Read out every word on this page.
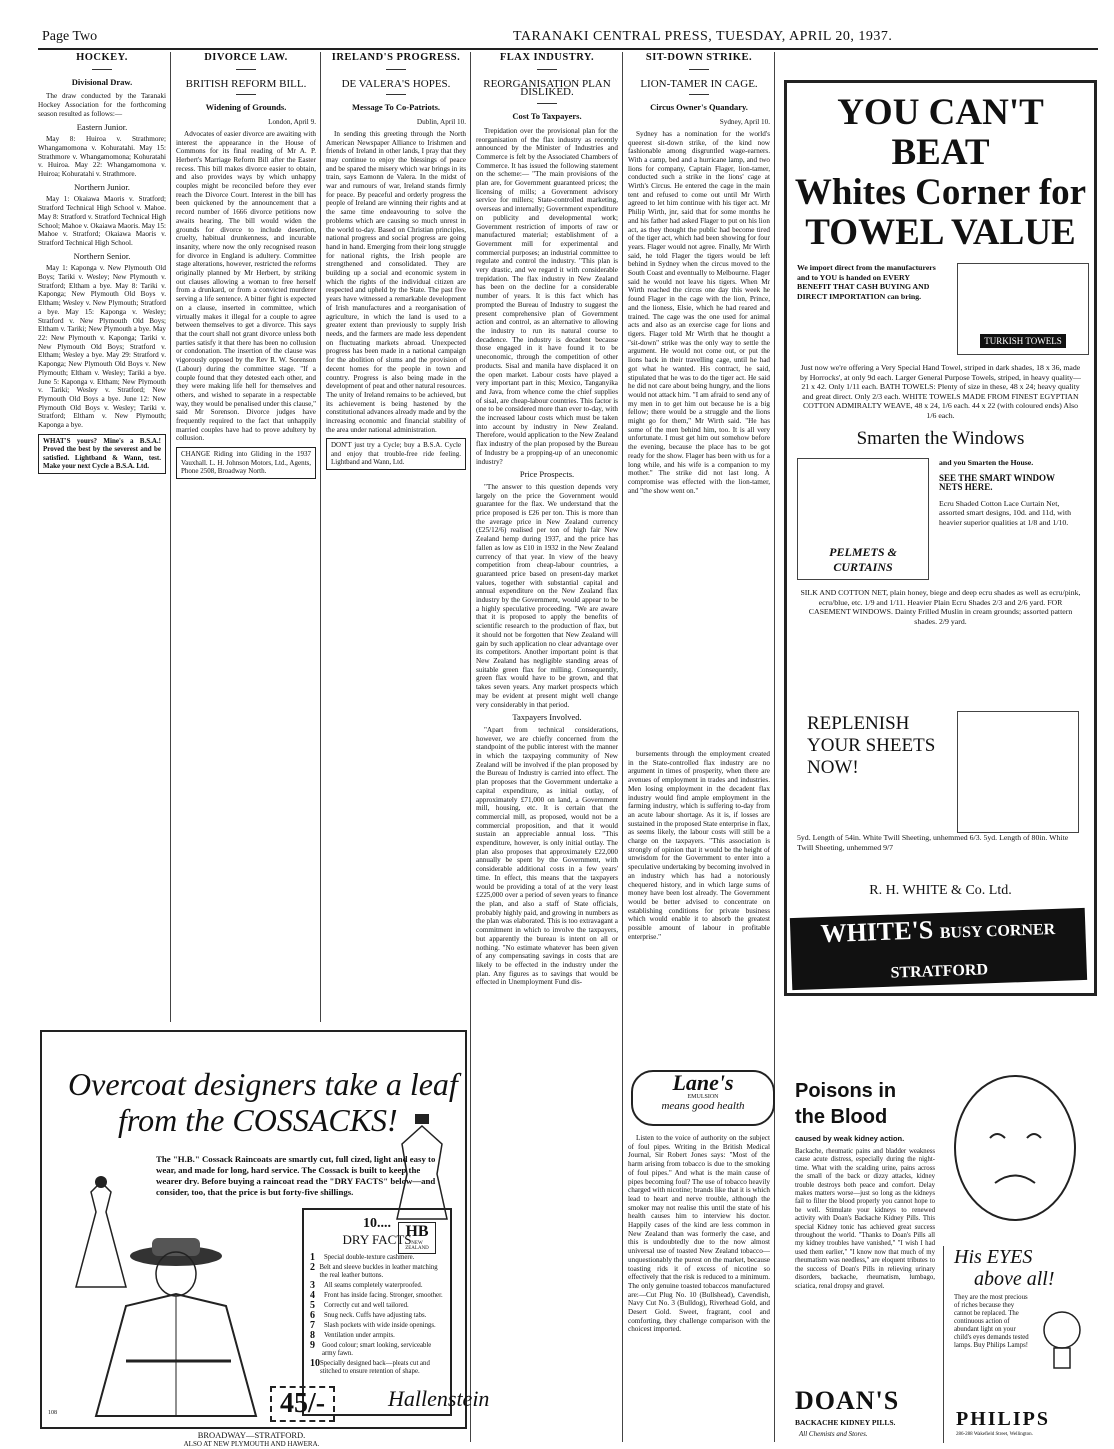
Page Two	TARANAKI CENTRAL PRESS, TUESDAY, APRIL 20, 1937.
HOCKEY.
Divisional Draw.

The draw conducted by the Taranaki Hockey Association for the forthcoming season resulted as follows:—

Eastern Junior.

May 8: Huiroa v. Strathmore; Whangamomona v. Kohuratahi. May 15: Strathmore v. Whangamomona; Kohuratahi v. Huiroa. May 22: Whangamomona v. Huiroa; Kohuratahi v. Strathmore.

Northern Junior.

May 1: Okaiawa Maoris v. Stratford; Stratford Technical High School v. Mahoe. May 8: Stratford v. Stratford Technical High School; Mahoe v. Okaiawa Maoris. May 15: Mahoe v. Stratford; Okaiawa Maoris v. Stratford Technical High School.

Northern Senior.

May 1: Kaponga v. New Plymouth Old Boys; Tariki v. Wesley; New Plymouth v. Stratford; Eltham a bye. May 8: Tariki v. Kaponga; New Plymouth Old Boys v. Eltham; Wesley v. New Plymouth; Stratford a bye. May 15: Kaponga v. Wesley; Stratford v. New Plymouth Old Boys; Eltham v. Tariki; New Plymouth a bye. May 22: New Plymouth v. Kaponga; Tariki v. New Plymouth Old Boys; Stratford v. Eltham; Wesley a bye. May 29: Stratford v. Kaponga; New Plymouth Old Boys v. New Plymouth; Eltham v. Wesley; Tariki a bye. June 5: Kaponga v. Eltham; New Plymouth v. Tariki; Wesley v. Stratford; New Plymouth Old Boys a bye. June 12: New Plymouth Old Boys v. Wesley; Tariki v. Stratford; Eltham v. New Plymouth; Kaponga a bye.

WHAT'S yours? Mine's a B.S.A.! Proved the best by the severest and be satisfied. Lightband & Wann, test. Make your next Cycle a B.S.A. Ltd.
DIVORCE LAW.
BRITISH REFORM BILL.
Widening of Grounds.

London, April 9.

Advocates of easier divorce are awaiting with interest the appearance in the House of Commons for its final reading of Mr A. P. Herbert's Marriage Reform Bill after the Easter recess. This bill makes divorce easier to obtain, and also provides ways by which unhappy couples might be reconciled before they ever reach the Divorce Court. Interest in the bill has been quickened by the announcement that a record number of 1666 divorce petitions now awaits hearing. The bill would widen the grounds for divorce to include desertion, cruelty, habitual drunkenness, and incurable insanity, where now the only recognised reason for divorce in England is adultery. Committee stage alterations, however, restricted the reforms originally planned by Mr Herbert, by striking out clauses allowing a woman to free herself from a drunkard, or from a convicted murderer serving a life sentence. A bitter fight is expected on a clause, inserted in committee, which virtually makes it illegal for a couple to agree between themselves to get a divorce. This says that the court shall not grant divorce unless both parties satisfy it that there has been no collusion or condonation. The insertion of the clause was vigorously opposed by the Rev R. W. Sorenson (Labour) during the committee stage. "If a couple found that they detested each other, and they were making life hell for themselves and others, and wished to separate in a respectable way, they would be penalised under this clause," said Mr Sorenson. Divorce judges have frequently required to the fact that unhappily married couples have had to prove adultery by collusion.

CHANGE Riding into Gliding in the 1937 Vauxhall. L. H. Johnson Motors, Ltd., Agents, Phone 2508, Broadway North.
IRELAND'S PROGRESS.
DE VALERA'S HOPES.
Message To Co-Patriots.

Dublin, April 10.

In sending this greeting through the North American Newspaper Alliance to Irishmen and friends of Ireland in other lands, I pray that they may continue to enjoy the blessings of peace and be spared the misery which war brings in its train, says Eamonn de Valera. In the midst of war and rumours of war, Ireland stands firmly for peace. By peaceful and orderly progress the people of Ireland are winning their rights and at the same time endeavouring to solve the problems which are causing so much unrest in the world to-day. Based on Christian principles, national progress and social progress are going hand in hand. Emerging from their long struggle for national rights, the Irish people are strengthened and consolidated. They are building up a social and economic system in which the rights of the individual citizen are respected and upheld by the State. The past five years have witnessed a remarkable development of Irish manufactures and a reorganisation of agriculture, in which the land is used to a greater extent than previously to supply Irish needs, and the farmers are made less dependent on fluctuating markets abroad. Unexpected progress has been made in a national campaign for the abolition of slums and the provision of decent homes for the people in town and country. Progress is also being made in the development of peat and other natural resources. The unity of Ireland remains to be achieved, but its achievement is being hastened by the constitutional advances already made and by the increasing economic and financial stability of the area under national administration.

DON'T just try a Cycle; buy a B.S.A. Cycle and enjoy that trouble-free ride feeling. Lightband and Wann, Ltd.
FLAX INDUSTRY.
REORGANISATION PLAN DISLIKED.
Cost To Taxpayers.

Trepidation over the provisional plan for the reorganisation of the flax industry as recently announced by the Minister of Industries and Commerce is felt by the Associated Chambers of Commerce. It has issued the following statement on the scheme:— "The main provisions of the plan are, for Government guaranteed prices; the licensing of mills; a Government advisory service for millers; State-controlled marketing, overseas and internally; Government expenditure on publicity and developmental work; Government restriction of imports of raw or manufactured material; establishment of a Government mill for experimental and commercial purposes; an industrial committee to regulate and control the industry. "This plan is very drastic, and we regard it with considerable trepidation. The flax industry in New Zealand has been on the decline for a considerable number of years. It is this fact which has prompted the Bureau of Industry to suggest the present comprehensive plan of Government action and control, as an alternative to allowing the industry to run its natural course to decadence. The industry is decadent because those engaged in it have found it to be uneconomic, through the competition of other products. Sisal and manila have displaced it on the open market. Labour costs have played a very important part in this; Mexico, Tanganyika and Java, from whence come the chief supplies of sisal, are cheap-labour countries. This factor is one to be considered more than ever to-day, with the increased labour costs which must be taken into account by industry in New Zealand. Therefore, would application to the New Zealand flax industry of the plan proposed by the Bureau of Industry be a propping-up of an uneconomic industry?

Price Prospects.

"The answer to this question depends very largely on the price the Government would guarantee for the flax. We understand that the price proposed is £26 per ton. This is more than the average price in New Zealand currency (£25/12/6) realised per ton of high fair New Zealand hemp during 1937, and the price has fallen as low as £10 in 1932 in the New Zealand currency of that year. In view of the heavy competition from cheap-labour countries, a guaranteed price based on present-day market values, together with substantial capital and annual expenditure on the New Zealand flax industry by the Government, would appear to be a highly speculative proceeding. "We are aware that it is proposed to apply the benefits of scientific research to the production of flax, but it should not be forgotten that New Zealand will gain by such application no clear advantage over its competitors. Another important point is that New Zealand has negligible standing areas of suitable green flax for milling. Consequently, green flax would have to be grown, and that takes seven years. Any market prospects which may be evident at present might well change very considerably in that period.

Taxpayers Involved.

"Apart from technical considerations, however, we are chiefly concerned from the standpoint of the public interest with the manner in which the taxpaying community of New Zealand will be involved if the plan proposed by the Bureau of Industry is carried into effect. The plan proposes that the Government undertake a capital expenditure, as initial outlay, of approximately £71,000 on land, a Government mill, housing, etc. It is certain that the commercial mill, as proposed, would not be a commercial proposition, and that it would sustain an appreciable annual loss. "This expenditure, however, is only initial outlay. The plan also proposes that approximately £22,000 annually be spent by the Government, with considerable additional costs in a few years' time. In effect, this means that the taxpayers would be providing a total of at the very least £225,000 over a period of seven years to finance the plan, and also a staff of State officials, probably highly paid, and growing in numbers as the plan was elaborated. This is too extravagant a commitment in which to involve the taxpayers, but apparently the bureau is intent on all or nothing. "No estimate whatever has been given of any compensating savings in costs that are likely to be effected in the industry under the plan. Any figures as to savings that would be effected in Unemployment Fund dis-

SIT-DOWN STRIKE.
LION-TAMER IN CAGE.
Circus Owner's Quandary.

Sydney, April 10.

Sydney has a nomination for the world's queerest sit-down strike, of the kind now fashionable among disgruntled wage-earners. With a camp, bed and a hurricane lamp, and two lions for company, Captain Flager, lion-tamer, conducted such a strike in the lions' cage at Wirth's Circus. He entered the cage in the main tent and refused to come out until Mr Wirth agreed to let him continue with his tiger act. Mr Philip Wirth, jnr, said that for some months he and his father had asked Flager to put on his lion act, as they thought the public had become tired of the tiger act, which had been showing for four years. Flager would not agree. Finally, Mr Wirth said, he told Flager the tigers would be left behind in Sydney when the circus moved to the South Coast and eventually to Melbourne. Flager said he would not leave his tigers. When Mr Wirth reached the circus one day this week he found Flager in the cage with the lion, Prince, and the lioness, Elsie, which he had reared and trained. The cage was the one used for animal acts and also as an exercise cage for lions and tigers. Flager told Mr Wirth that he thought a "sit-down" strike was the only way to settle the argument. He would not come out, or put the lions back in their travelling cage, until he had got what he wanted. His contract, he said, stipulated that he was to do the tiger act. He said he did not care about being hungry, and the lions would not attack him. "I am afraid to send any of my men in to get him out because he is a big fellow; there would be a struggle and the lions might go for them," Mr Wirth said. "He has some of the men behind him, too. It is all very unfortunate. I must get him out somehow before the evening, because the place has to be got ready for the show. Flager has been with us for a long while, and his wife is a companion to my mother." The strike did not last long. A compromise was effected with the lion-tamer, and "the show went on."

bursements through the employment created in the State-controlled flax industry are no argument in times of prosperity, when there are avenues of employment in trades and industries. Men losing employment in the decadent flax industry would find ample employment in the farming industry, which is suffering to-day from an acute labour shortage. As it is, if losses are sustained in the proposed State enterprise in flax, as seems likely, the labour costs will still be a charge on the taxpayers. "This association is strongly of opinion that it would be the height of unwisdom for the Government to enter into a speculative undertaking by becoming involved in an industry which has had a notoriously chequered history, and in which large sums of money have been lost already. The Government would be better advised to concentrate on establishing conditions for private business which would enable it to absorb the greatest possible amount of labour in profitable enterprise."

Lane's
EMULSION
means good health

Listen to the voice of authority on the subject of foul pipes. Writing in the British Medical Journal, Sir Robert Jones says: "Most of the harm arising from tobacco is due to the smoking of foul pipes." And what is the main cause of pipes becoming foul? The use of tobacco heavily charged with nicotine; brands like that it is which lead to heart and nerve trouble, although the smoker may not realise this until the state of his health causes him to interview his doctor. Happily cases of the kind are less common in New Zealand than was formerly the case, and this is undoubtedly due to the now almost universal use of toasted New Zealand tobacco—unquestionably the purest on the market, because toasting rids it of excess of nicotine so effectively that the risk is reduced to a minimum. The only genuine toasted tobaccos manufactured are:—Cut Plug No. 10 (Bullshead), Cavendish, Navy Cut No. 3 (Bulldog), Riverhead Gold, and Desert Gold. Sweet, fragrant, cool and comforting, they challenge comparison with the choicest imported.

Overcoat designers take a leaf
from the COSSACKS!
The "H.B." Cossack Raincoats are smartly cut, full cized, light and easy to wear, and made for long, hard service. The Cossack is built to keep the wearer dry. Before buying a raincoat read the "DRY FACTS" below—and consider, too, that the price is but forty-five shillings.
HB
NEW ZEALAND
10....
DRY FACTS
1	Special double-texture cashmere.
2 Belt and sleeve buckles in leather matching the real leather buttons.
3	All seams completely waterproofed.
4	Front has inside facing. Stronger, smoother.
5	Correctly cut and well tailored.
6	Snug neck. Cuffs have adjusting tabs.
7	Slash pockets with wide inside openings.
8	Ventilation under armpits.
9	Good colour; smart looking, serviceable army fawn.
10 Specially designed back—pleats cut and stitched to ensure retention of shape.
108	45/-	Hallenstein
BROADWAY—STRATFORD.
ALSO AT NEW PLYMOUTH AND HAWERA.
YOU CAN'T BEAT
Whites Corner for
TOWEL VALUE
We import direct from the manufacturers and to YOU is handed on EVERY BENEFIT THAT CASH BUYING AND DIRECT IMPORTATION can bring.
TURKISH TOWELS
Just now we're offering a Very Special Hand Towel, striped in dark shades, 18 x 36, made by Horrocks', at only 9d each. Larger General Purpose Towels, striped, in heavy quality—21 x 42. Only 1/11 each. BATH TOWELS: Plenty of size in these, 48 x 24; heavy quality and great direct. Only 2/3 each. WHITE TOWELS MADE FROM FINEST EGYPTIAN COTTON ADMIRALTY WEAVE, 48 x 24, 1/6 each. 44 x 22 (with coloured ends) Also 1/6 each.
Smarten the Windows
PELMETS & CURTAINS
and you Smarten the House.
SEE THE SMART WINDOW NETS HERE.
Ecru Shaded Cotton Lace Curtain Net, assorted smart designs, 10d. and 11d, with heavier superior qualities at 1/8 and 1/10.
SILK AND COTTON NET, plain honey, biege and deep ecru shades as well as ecru/pink, ecru/blue, etc. 1/9 and 1/11. Heavier Plain Ecru Shades 2/3 and 2/6 yard. FOR CASEMENT WINDOWS. Dainty Frilled Muslin in cream grounds; assorted pattern shades. 2/9 yard.
REPLENISH YOUR SHEETS NOW!
5yd. Length of 54in. White Twill Sheeting, unhemmed 6/3. 5yd. Length of 80in. White Twill Sheeting, unhemmed 9/7
R. H. WHITE & Co. Ltd.
WHITE'S BUSY CORNER
STRATFORD
Poisons in the Blood
caused by weak kidney action.
Backache, rheumatic pains and bladder weakness cause acute distress, especially during the night-time. What with the scalding urine, pains across the small of the back or dizzy attacks, kidney trouble destroys both peace and comfort. Delay makes matters worse—just so long as the kidneys fail to filter the blood properly you cannot hope to be well. Stimulate your kidneys to renewed activity with Doan's Backache Kidney Pills. This special Kidney tonic has achieved great success throughout the world. "Thanks to Doan's Pills all my kidney troubles have vanished," "I wish I had used them earlier," "I know now that much of my rheumatism was needless," are eloquent tributes to the success of Doan's Pills in relieving urinary disorders, backache, rheumatism, lumbago, sciatica, renal dropsy and gravel.
DOAN'S
BACKACHE KIDNEY PILLS.
All Chemists and Stores.
His EYES
above all!
They are the most precious of riches because they cannot be replaced. The continuous action of abundant light on your child's eyes demands tested lamps. Buy Philips Lamps!
PHILIPS
286-288 Wakefield Street, Wellington.
